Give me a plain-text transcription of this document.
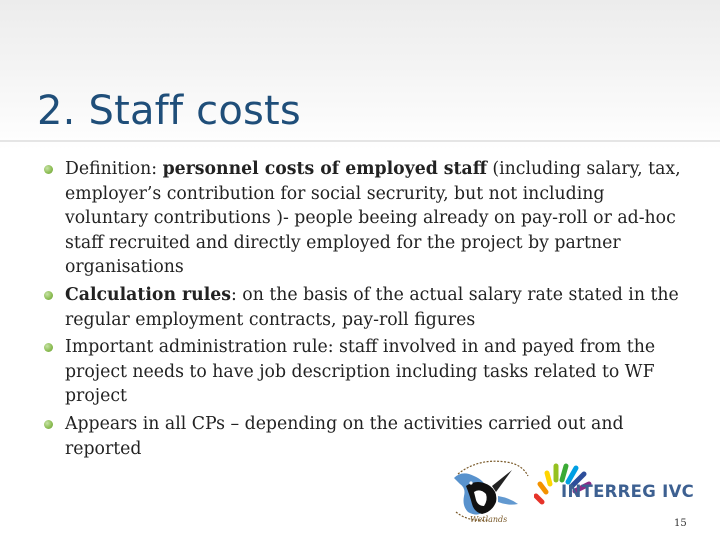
2. Staff costs
Definition: personnel costs of employed staff (including salary, tax, employer’s contribution for social secrurity, but not including voluntary contributions )- people beeing already on pay-roll or ad-hoc staff recruited and directly employed for the project by partner organisations
Calculation rules: on the basis of the actual salary rate stated in the regular employment contracts, pay-roll figures
Important administration rule: staff involved in and payed from the project needs to have job description including tasks related to WF project
Appears in all CPs – depending on the activities carried out and reported
Wetlands
INTERREG IVC
15
